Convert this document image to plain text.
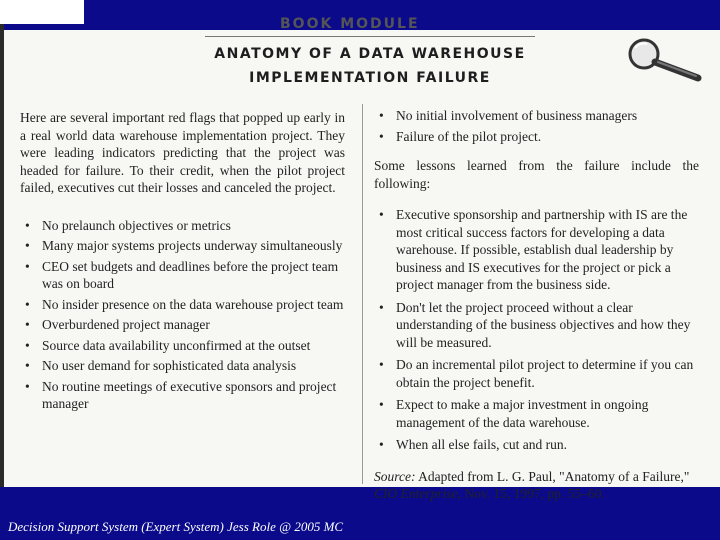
BOOK MODULE

ANATOMY OF A DATA WAREHOUSE
IMPLEMENTATION FAILURE

Here are several important red flags that popped up early in a real world data warehouse implementation project. They were leading indicators predicting that the project was headed for failure. To their credit, when the pilot project failed, executives cut their losses and canceled the project.

• No prelaunch objectives or metrics
• Many major systems projects underway simultaneously
• CEO set budgets and deadlines before the project team was on board
• No insider presence on the data warehouse project team
• Overburdened project manager
• Source data availability unconfirmed at the outset
• No user demand for sophisticated data analysis
• No routine meetings of executive sponsors and project manager
• No initial involvement of business managers
• Failure of the pilot project.

Some lessons learned from the failure include the following:

• Executive sponsorship and partnership with IS are the most critical success factors for developing a data warehouse. If possible, establish dual leadership by business and IS executives for the project or pick a project manager from the business side.
• Don't let the project proceed without a clear understanding of the business objectives and how they will be measured.
• Do an incremental pilot project to determine if you can obtain the project benefit.
• Expect to make a major investment in ongoing management of the data warehouse.
• When all else fails, cut and run.

Source: Adapted from L. G. Paul, "Anatomy of a Failure,"
CIO Enterprise, Nov. 15, 1997, pp. 55–60.

Decision Support System (Expert System) Jess Role @ 2005 MC
